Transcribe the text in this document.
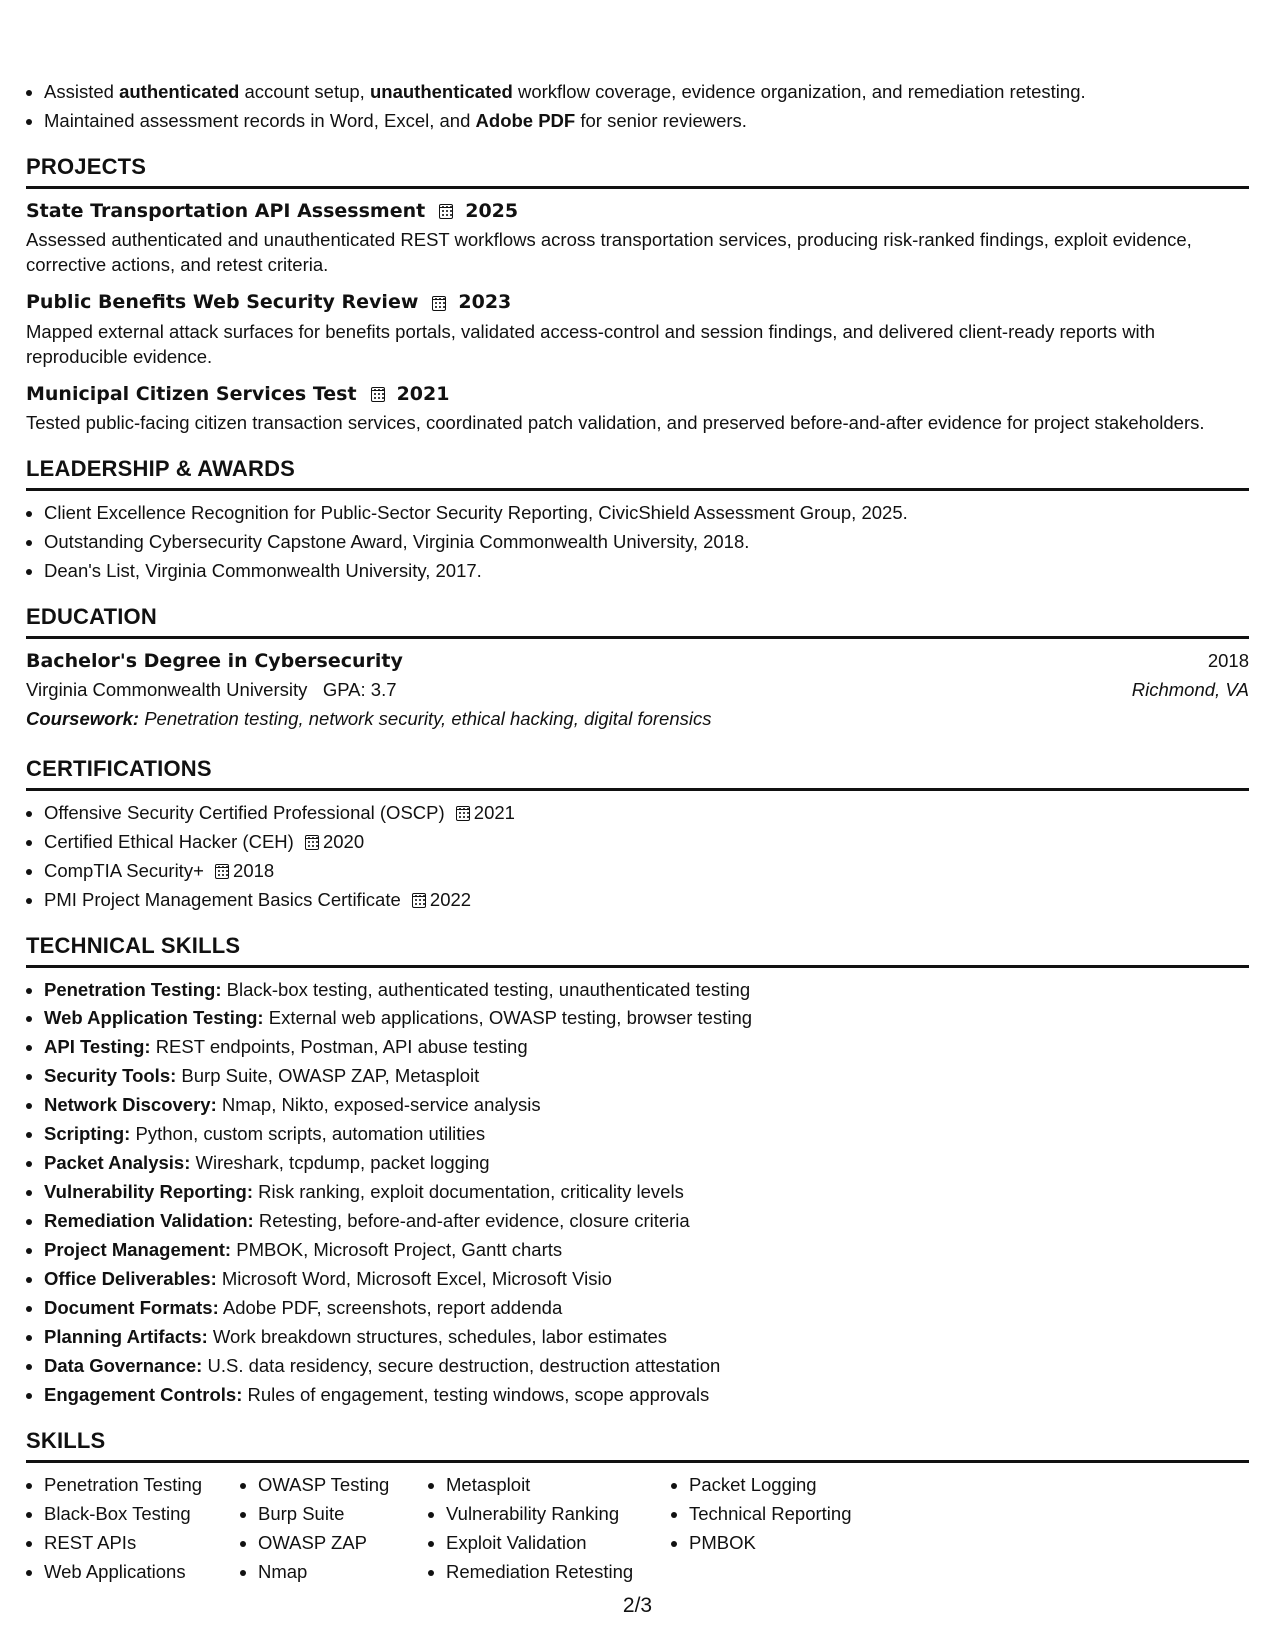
• Assisted authenticated account setup, unauthenticated workflow coverage, evidence organization, and remediation retesting.
• Maintained assessment records in Word, Excel, and Adobe PDF for senior reviewers.
PROJECTS
State Transportation API Assessment 2025
Assessed authenticated and unauthenticated REST workflows across transportation services, producing risk-ranked findings, exploit evidence, corrective actions, and retest criteria.
Public Benefits Web Security Review 2023
Mapped external attack surfaces for benefits portals, validated access-control and session findings, and delivered client-ready reports with reproducible evidence.
Municipal Citizen Services Test 2021
Tested public-facing citizen transaction services, coordinated patch validation, and preserved before-and-after evidence for project stakeholders.
LEADERSHIP & AWARDS
• Client Excellence Recognition for Public-Sector Security Reporting, CivicShield Assessment Group, 2025.
• Outstanding Cybersecurity Capstone Award, Virginia Commonwealth University, 2018.
• Dean's List, Virginia Commonwealth University, 2017.
EDUCATION
Bachelor's Degree in Cybersecurity	2018
Virginia Commonwealth University GPA: 3.7	Richmond, VA
Coursework: Penetration testing, network security, ethical hacking, digital forensics
CERTIFICATIONS
• Offensive Security Certified Professional (OSCP) 2021
• Certified Ethical Hacker (CEH) 2020
• CompTIA Security+ 2018
• PMI Project Management Basics Certificate 2022
TECHNICAL SKILLS
• Penetration Testing: Black-box testing, authenticated testing, unauthenticated testing
• Web Application Testing: External web applications, OWASP testing, browser testing
• API Testing: REST endpoints, Postman, API abuse testing
• Security Tools: Burp Suite, OWASP ZAP, Metasploit
• Network Discovery: Nmap, Nikto, exposed-service analysis
• Scripting: Python, custom scripts, automation utilities
• Packet Analysis: Wireshark, tcpdump, packet logging
• Vulnerability Reporting: Risk ranking, exploit documentation, criticality levels
• Remediation Validation: Retesting, before-and-after evidence, closure criteria
• Project Management: PMBOK, Microsoft Project, Gantt charts
• Office Deliverables: Microsoft Word, Microsoft Excel, Microsoft Visio
• Document Formats: Adobe PDF, screenshots, report addenda
• Planning Artifacts: Work breakdown structures, schedules, labor estimates
• Data Governance: U.S. data residency, secure destruction, destruction attestation
• Engagement Controls: Rules of engagement, testing windows, scope approvals
SKILLS
• Penetration Testing
• Black-Box Testing
• REST APIs
• Web Applications
• OWASP Testing
• Burp Suite
• OWASP ZAP
• Nmap
• Metasploit
• Vulnerability Ranking
• Exploit Validation
• Remediation Retesting
• Packet Logging
• Technical Reporting
• PMBOK
2/3
